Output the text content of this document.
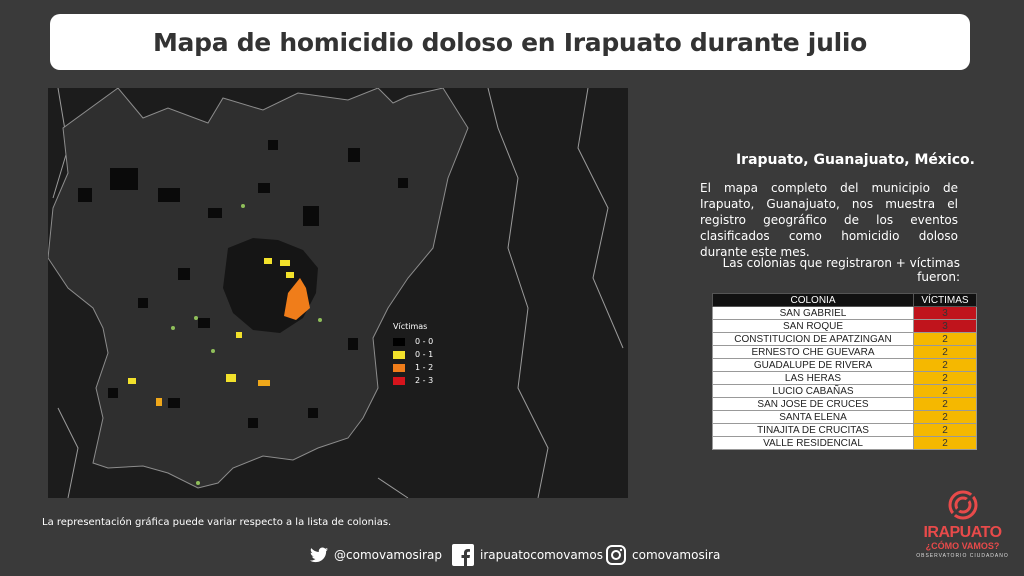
Mapa de homicidio doloso en Irapuato durante julio
Víctimas
0 - 0
0 - 1
1 - 2
2 - 3
Irapuato, Guanajuato, México.
El mapa completo del municipio de Irapuato, Guanajuato, nos muestra el registro geográfico de los eventos clasificados como homicidio doloso durante este mes.
Las colonias que registraron + víctimas fueron:
COLONIA	VÍCTIMAS
SAN GABRIEL	3
SAN ROQUE	3
CONSTITUCION DE APATZINGAN	2
ERNESTO CHE GUEVARA	2
GUADALUPE DE RIVERA	2
LAS HERAS	2
LUCIO CABAÑAS	2
SAN JOSE DE CRUCES	2
SANTA ELENA	2
TINAJITA DE CRUCITAS	2
VALLE RESIDENCIAL	2
La representación gráfica puede variar respecto a la lista de colonias.
@comovamosirap	irapuatocomovamos comovamosira
IRAPUATO
¿CÓMO VAMOS?
OBSERVATORIO CIUDADANO
